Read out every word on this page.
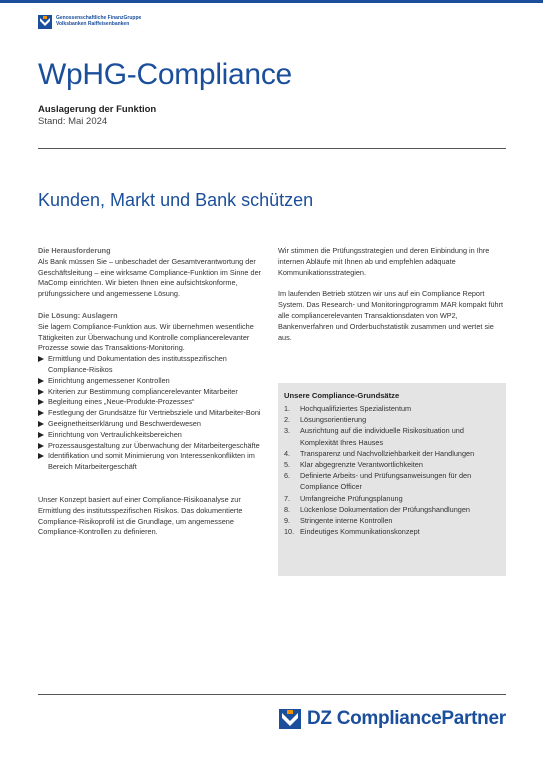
Genossenschaftliche FinanzGruppe
Volksbanken Raiffeisenbanken
WpHG-Compliance
Auslagerung der Funktion
Stand: Mai 2024
Kunden, Markt und Bank schützen

Die Herausforderung
Als Bank müssen Sie – unbeschadet der Gesamtverantwortung der Geschäftsleitung – eine wirksame Compliance-Funktion im Sinne der MaComp einrichten. Wir bieten Ihnen eine aufsichtskonforme, prüfungssichere und angemessene Lösung.

Die Lösung: Auslagern
Sie lagern Compliance-Funktion aus. Wir übernehmen wesentliche Tätigkeiten zur Überwachung und Kontrolle compliancerelevanter Prozesse sowie das Transaktions-Monitoring.

Ermittlung und Dokumentation des institutsspezifischen Compliance-Risikos
Einrichtung angemessener Kontrollen
Kriterien zur Bestimmung compliancerelevanter Mitarbeiter
Begleitung eines „Neue-Produkte-Prozesses“
Festlegung der Grundsätze für Vertriebsziele und Mitarbeiter-Boni
Geeignetheitserklärung und Beschwerdewesen
Einrichtung von Vertraulichkeitsbereichen
Prozessausgestaltung zur Überwachung der Mitarbeitergeschäfte
Identifikation und somit Minimierung von Interessenkonflikten im Bereich Mitarbeitergeschäft

Unser Konzept basiert auf einer Compliance-Risikoanalyse zur Ermittlung des institutsspezifischen Risikos. Das dokumentierte Compliance-Risikoprofil ist die Grundlage, um angemessene Compliance-Kontrollen zu definieren.

Wir stimmen die Prüfungsstrategien und deren Einbindung in Ihre internen Abläufe mit Ihnen ab und empfehlen adäquate Kommunikationsstrategien.

Im laufenden Betrieb stützen wir uns auf ein Compliance Report System. Das Research- und Monitoringprogramm MAR kompakt führt alle compliancerelevanten Transaktionsdaten von WP2, Bankenverfahren und Orderbuchstatistik zusammen und wertet sie aus.

Unsere Compliance-Grundsätze
1. Hochqualifiziertes Spezialistentum
2. Lösungsorientierung
3. Ausrichtung auf die individuelle Risikosituation und Komplexität Ihres Hauses
4. Transparenz und Nachvollziehbarkeit der Handlungen
5. Klar abgegrenzte Verantwortlichkeiten
6. Definierte Arbeits- und Prüfungsanweisungen für den Compliance Officer
7. Umfangreiche Prüfungsplanung
8. Lückenlose Dokumentation der Prüfungshandlungen
9. Stringente interne Kontrollen
10. Eindeutiges Kommunikationskonzept
DZ CompliancePartner
